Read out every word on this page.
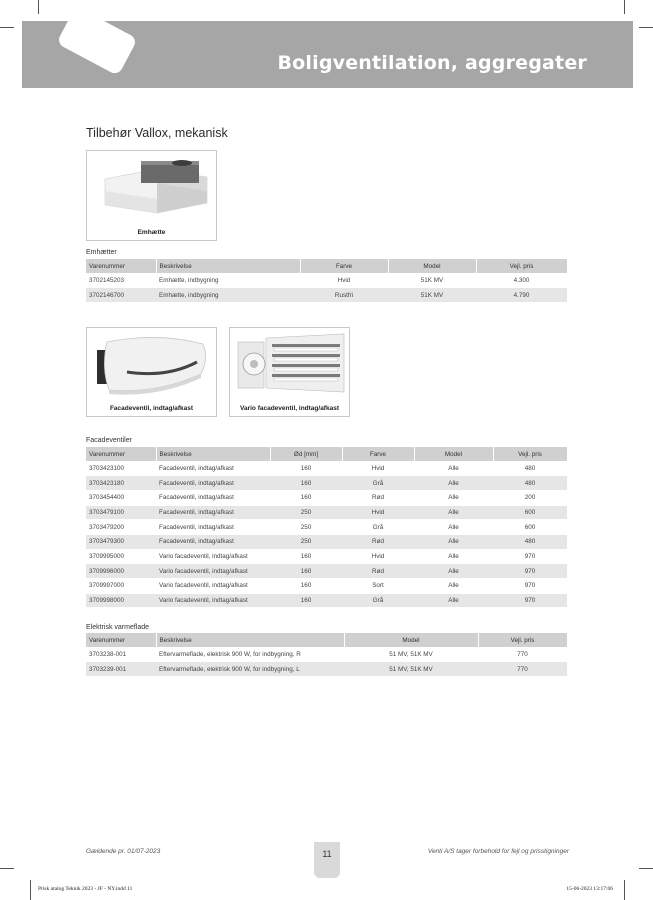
Boligventilation, aggregater
Tilbehør Vallox, mekanisk
Emhætte
Emhætter
Varenummer	Beskrivelse	Farve	Model	Vejl. pris
3702145203	Emhætte, indbygning	Hvid	51K MV	4.300
3702146700	Emhætte, indbygning	Rustfri	51K MV	4.790
Facadeventil, indtag/afkast	Vario facadeventil, indtag/afkast
Facadeventiler
Varenummer	Beskrivelse	Ød [mm]	Farve	Model	Vejl. pris
3703423100	Facadeventil, indtag/afkast	160	Hvid	Alle	480
3703423180	Facadeventil, indtag/afkast	160	Grå	Alle	480
3703454400	Facadeventil, indtag/afkast	160	Rød	Alle	200
3703479100	Facadeventil, indtag/afkast	250	Hvid	Alle	600
3703479200	Facadeventil, indtag/afkast	250	Grå	Alle	600
3703479300	Facadeventil, indtag/afkast	250	Rød	Alle	480
3709995000	Vario facadeventil, indtag/afkast	160	Hvid	Alle	970
3709996000	Vario facadeventil, indtag/afkast	160	Rød	Alle	970
3709997000	Vario facadeventil, indtag/afkast	160	Sort	Alle	970
3709998000	Vario facadeventil, indtag/afkast	160	Grå	Alle	970
Elektrisk varmeflade
Varenummer	Beskrivelse	Model	Vejl. pris
3703238-001	Eftervarmeflade, elektrisk 900 W, for indbygning, R	51 MV, 51K MV	770
3703239-001	Eftervarmeflade, elektrisk 900 W, for indbygning, L	51 MV, 51K MV	770
Gældende pr. 01/07-2023	11	Venti A/S tager forbehold for fejl og prisstigninger
Prisk atalog Teknik 2023 - JF - NY.indd 11	15-06-2023 13:17:06
